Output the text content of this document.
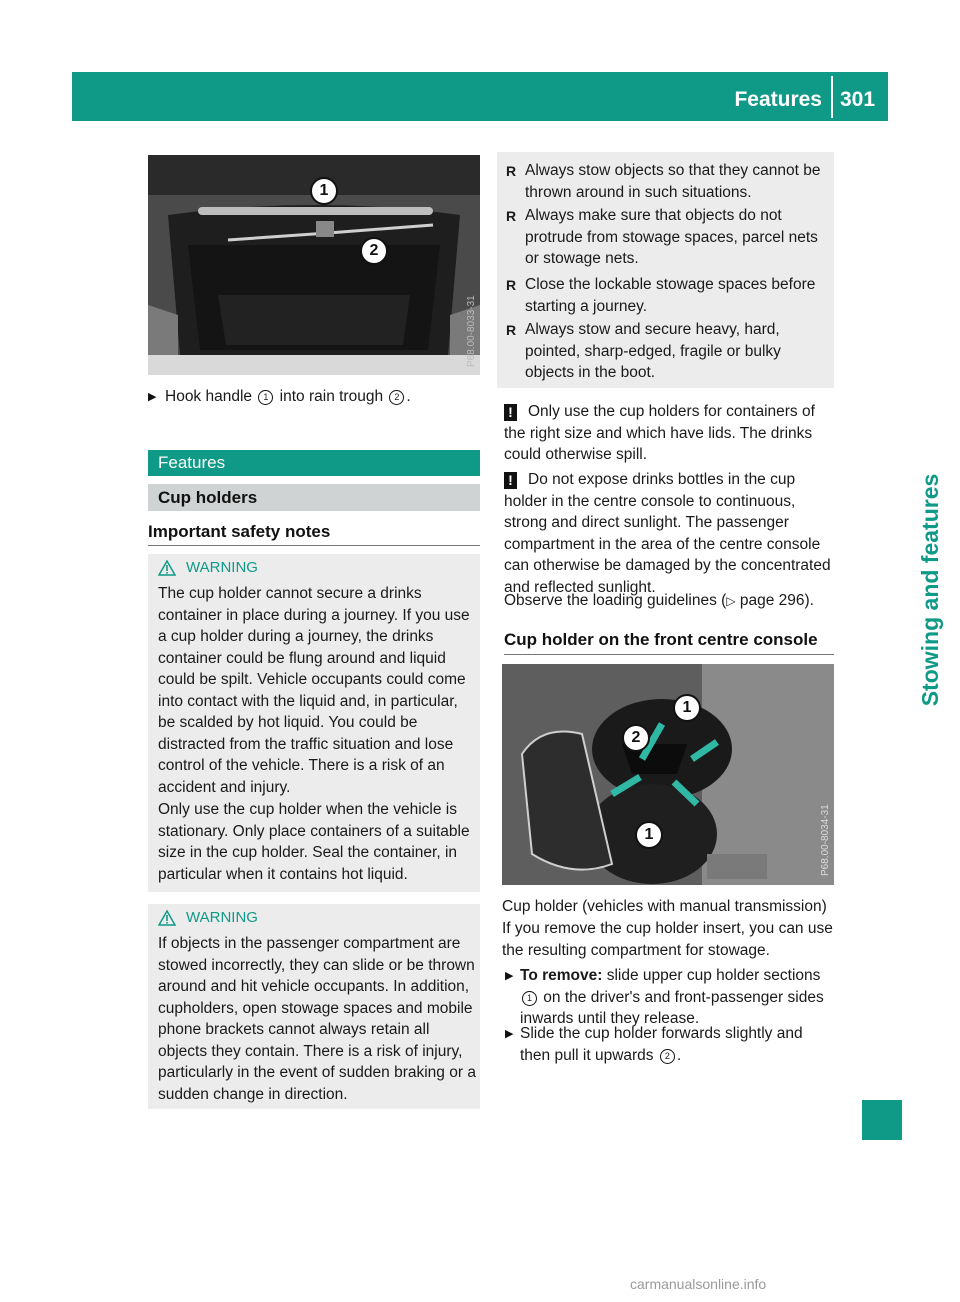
Features 301
Stowing and features
1
2
P68.00-8033-31
▶ Hook handle 1 into rain trough 2 .
Features
Cup holders
Important safety notes
WARNING
The cup holder cannot secure a drinks container in place during a journey. If you use a cup holder during a journey, the drinks container could be flung around and liquid could be spilt. Vehicle occupants could come into contact with the liquid and, in particular, be scalded by hot liquid. You could be distracted from the traffic situation and lose control of the vehicle. There is a risk of an accident and injury.
Only use the cup holder when the vehicle is stationary. Only place containers of a suitable size in the cup holder. Seal the container, in particular when it contains hot liquid.
WARNING
If objects in the passenger compartment are stowed incorrectly, they can slide or be thrown around and hit vehicle occupants. In addition, cupholders, open stowage spaces and mobile phone brackets cannot always retain all objects they contain. There is a risk of injury, particularly in the event of sudden braking or a sudden change in direction.
R Always stow objects so that they cannot be thrown around in such situations.
R Always make sure that objects do not protrude from stowage spaces, parcel nets or stowage nets.
R Close the lockable stowage spaces before starting a journey.
R Always stow and secure heavy, hard, pointed, sharp-edged, fragile or bulky objects in the boot.
! Only use the cup holders for containers of the right size and which have lids. The drinks could otherwise spill.
! Do not expose drinks bottles in the cup holder in the centre console to continuous, strong and direct sunlight. The passenger compartment in the area of the centre console can otherwise be damaged by the concentrated and reflected sunlight.
Observe the loading guidelines (▷ page 296).
Cup holder on the front centre console
1
2
1	P68.00-8034-31
Cup holder (vehicles with manual transmission)
If you remove the cup holder insert, you can use the resulting compartment for stowage.
▶ To remove: slide upper cup holder sections 1 on the driver's and front-passenger sides inwards until they release.
▶ Slide the cup holder forwards slightly and then pull it upwards 2 .
carmanualsonline.info
